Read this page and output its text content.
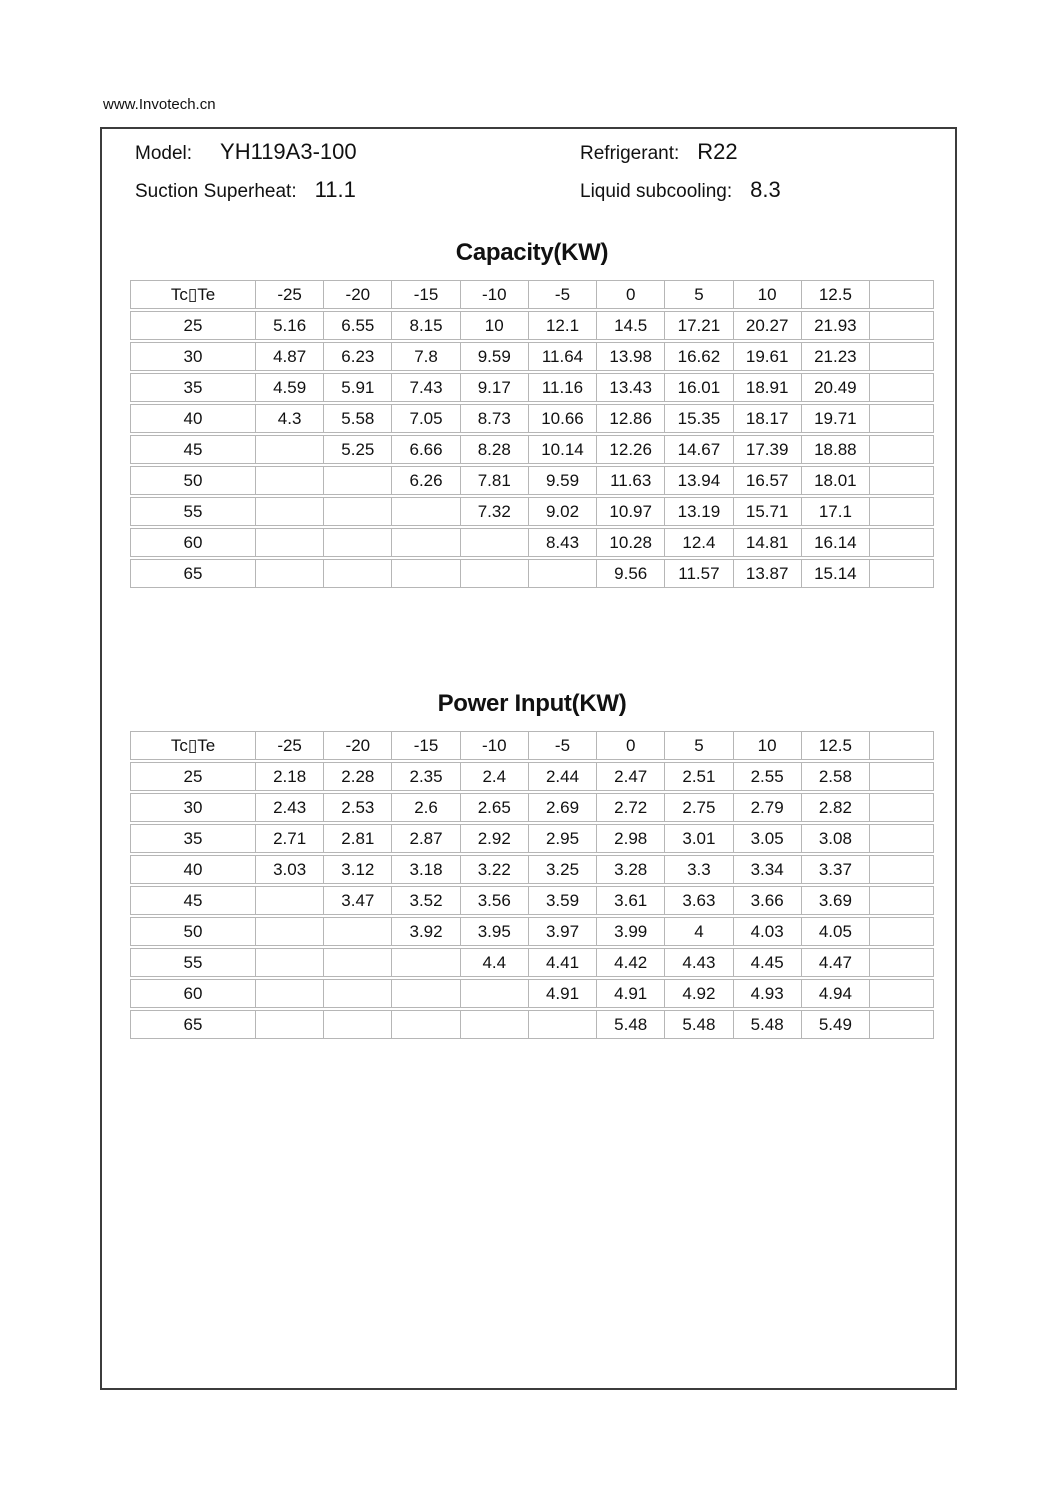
www.Invotech.cn
Model: YH119A3-100	Refrigerant: R22
Suction Superheat: 11.1	Liquid subcooling: 8.3
Capacity(KW)
Tc▯Te	-25	-20	-15	-10	-5	0	5	10	12.5	
25	5.16	6.55	8.15	10	12.1	14.5	17.21	20.27	21.93	
30	4.87	6.23	7.8	9.59	11.64	13.98	16.62	19.61	21.23	
35	4.59	5.91	7.43	9.17	11.16	13.43	16.01	18.91	20.49	
40	4.3	5.58	7.05	8.73	10.66	12.86	15.35	18.17	19.71	
45		5.25	6.66	8.28	10.14	12.26	14.67	17.39	18.88	
50			6.26	7.81	9.59	11.63	13.94	16.57	18.01	
55				7.32	9.02	10.97	13.19	15.71	17.1	
60					8.43	10.28	12.4	14.81	16.14	
65						9.56	11.57	13.87	15.14	
Power Input(KW)
Tc▯Te	-25	-20	-15	-10	-5	0	5	10	12.5	
25	2.18	2.28	2.35	2.4	2.44	2.47	2.51	2.55	2.58	
30	2.43	2.53	2.6	2.65	2.69	2.72	2.75	2.79	2.82	
35	2.71	2.81	2.87	2.92	2.95	2.98	3.01	3.05	3.08	
40	3.03	3.12	3.18	3.22	3.25	3.28	3.3	3.34	3.37	
45		3.47	3.52	3.56	3.59	3.61	3.63	3.66	3.69	
50			3.92	3.95	3.97	3.99	4	4.03	4.05	
55				4.4	4.41	4.42	4.43	4.45	4.47	
60					4.91	4.91	4.92	4.93	4.94	
65						5.48	5.48	5.48	5.49	
